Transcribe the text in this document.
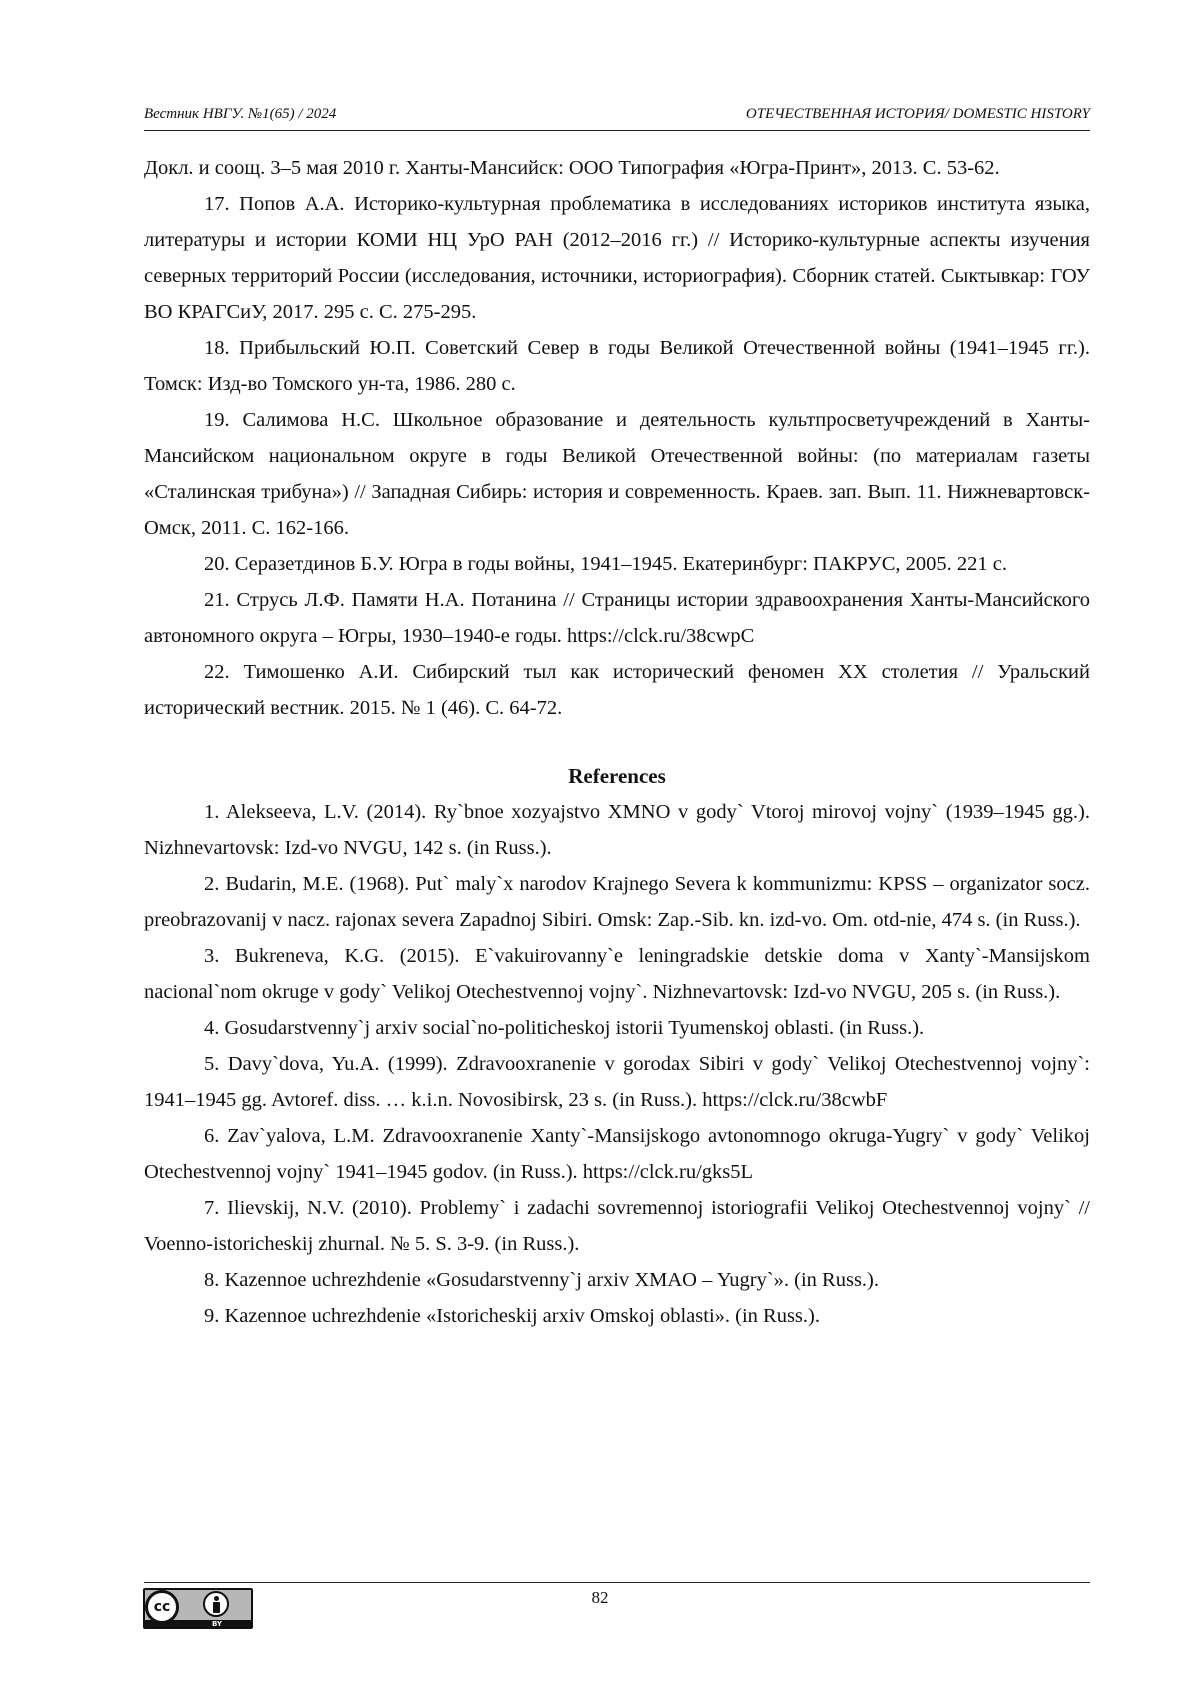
Вестник НВГУ. №1(65) / 2024	ОТЕЧЕСТВЕННАЯ ИСТОРИЯ/ DOMESTIC HISTORY

Докл. и соощ. 3–5 мая 2010 г. Ханты-Мансийск: ООО Типография «Югра-Принт», 2013. С. 53-62.

17. Попов А.А. Историко-культурная проблематика в исследованиях историков института языка, литературы и истории КОМИ НЦ УрО РАН (2012–2016 гг.) // Историко-культурные аспекты изучения северных территорий России (исследования, источники, историография). Сборник статей. Сыктывкар: ГОУ ВО КРАГСиУ, 2017. 295 с. С. 275-295.

18. Прибыльский Ю.П. Советский Север в годы Великой Отечественной войны (1941–1945 гг.). Томск: Изд-во Томского ун-та, 1986. 280 с.

19. Салимова Н.С. Школьное образование и деятельность культпросветучреждений в Ханты-Мансийском национальном округе в годы Великой Отечественной войны: (по материалам газеты «Сталинская трибуна») // Западная Сибирь: история и современность. Краев. зап. Вып. 11. Нижневартовск-Омск, 2011. С. 162-166.

20. Серазетдинов Б.У. Югра в годы войны, 1941–1945. Екатеринбург: ПАКРУС, 2005. 221 с.

21. Струсь Л.Ф. Памяти Н.А. Потанина // Страницы истории здравоохранения Ханты-Мансийского автономного округа – Югры, 1930–1940-е годы. https://clck.ru/38cwpC

22. Тимошенко А.И. Сибирский тыл как исторический феномен XX столетия // Уральский исторический вестник. 2015. № 1 (46). С. 64-72.

References

1. Alekseeva, L.V. (2014). Ry`bnoe xozyajstvo XMNO v gody` Vtoroj mirovoj vojny` (1939–1945 gg.). Nizhnevartovsk: Izd-vo NVGU, 142 s. (in Russ.).

2. Budarin, M.E. (1968). Put` maly`x narodov Krajnego Severa k kommunizmu: KPSS – organizator socz. preobrazovanij v nacz. rajonax severa Zapadnoj Sibiri. Omsk: Zap.-Sib. kn. izd-vo. Om. otd-nie, 474 s. (in Russ.).

3. Bukreneva, K.G. (2015). E`vakuirovanny`e leningradskie detskie doma v Xanty`-Mansijskom nacional`nom okruge v gody` Velikoj Otechestvennoj vojny`. Nizhnevartovsk: Izd-vo NVGU, 205 s. (in Russ.).

4. Gosudarstvenny`j arxiv social`no-politicheskoj istorii Tyumenskoj oblasti. (in Russ.).

5. Davy`dova, Yu.A. (1999). Zdravooxranenie v gorodax Sibiri v gody` Velikoj Otechestvennoj vojny`: 1941–1945 gg. Avtoref. diss. … k.i.n. Novosibirsk, 23 s. (in Russ.). https://clck.ru/38cwbF

6. Zav`yalova, L.M. Zdravooxranenie Xanty`-Mansijskogo avtonomnogo okruga-Yugry` v gody` Velikoj Otechestvennoj vojny` 1941–1945 godov. (in Russ.). https://clck.ru/gks5L

7. Ilievskij, N.V. (2010). Problemy` i zadachi sovremennoj istoriografii Velikoj Otechestvennoj vojny` // Voenno-istoricheskij zhurnal. № 5. S. 3-9. (in Russ.).

8. Kazennoe uchrezhdenie «Gosudarstvenny`j arxiv XMAO – Yugry`». (in Russ.).

9. Kazennoe uchrezhdenie «Istoricheskij arxiv Omskoj oblasti». (in Russ.).

cc
BY
82
